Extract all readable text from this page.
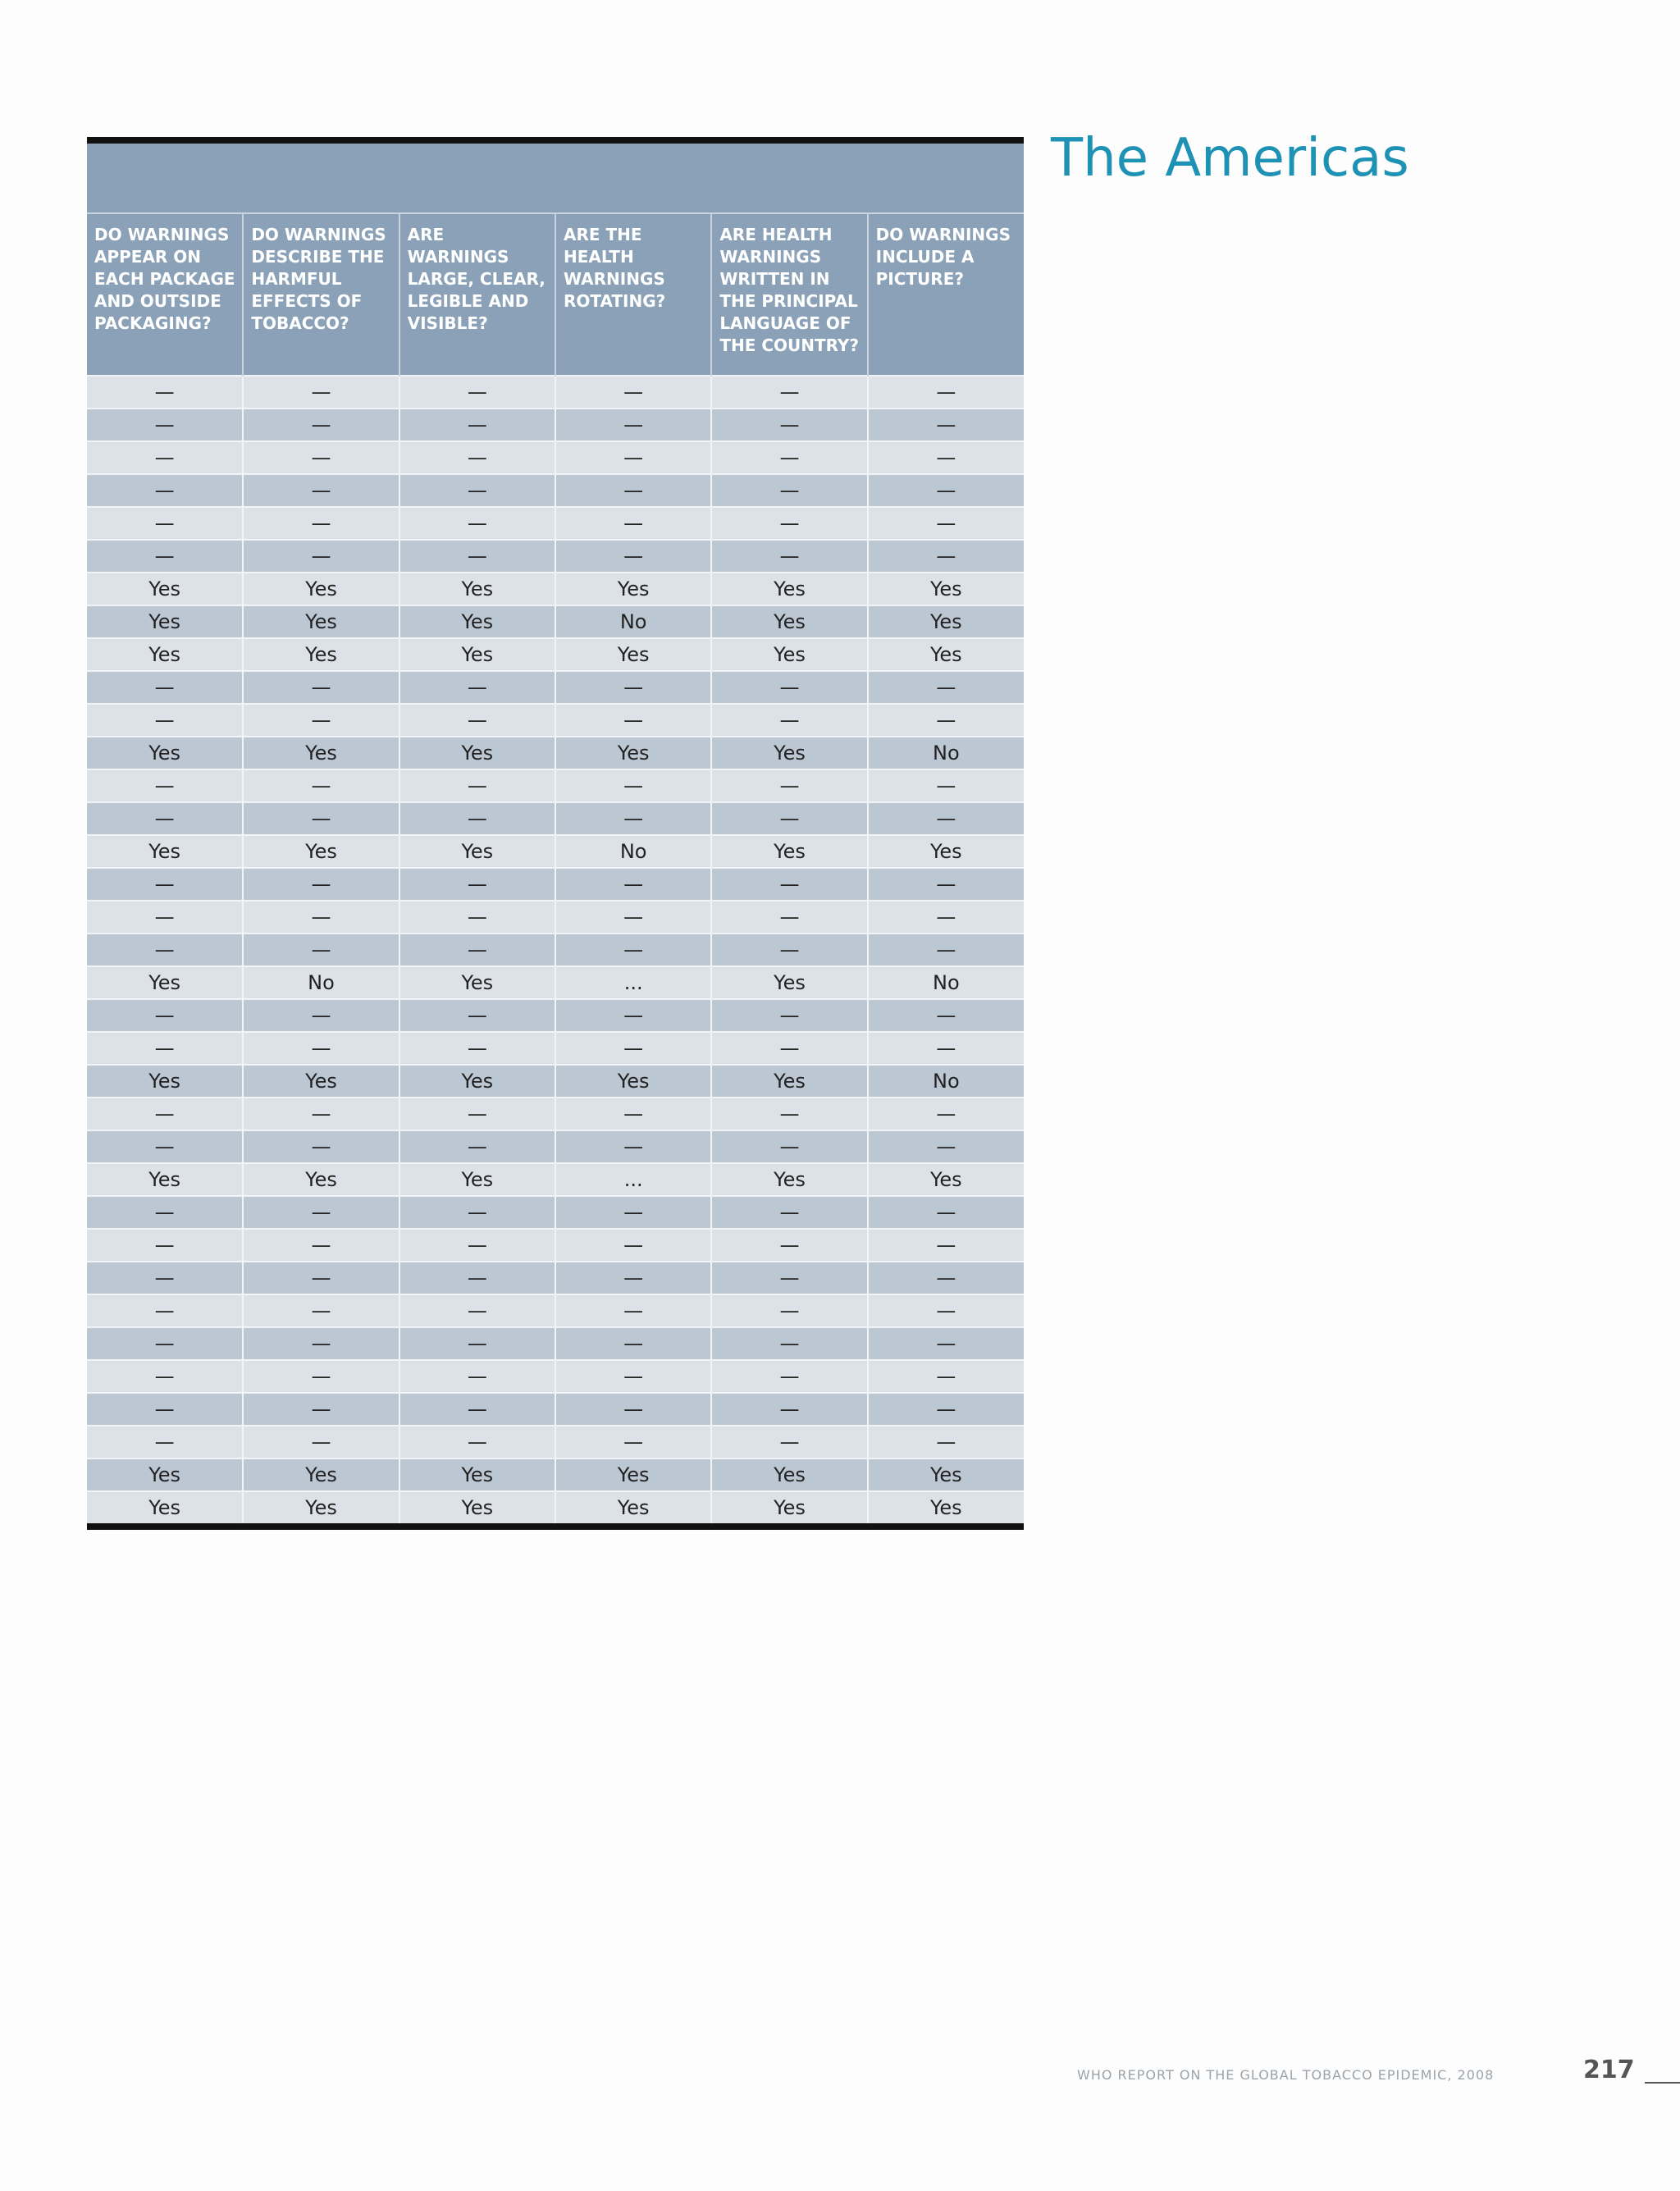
The Americas
DO WARNINGS APPEAR ON EACH PACKAGE AND OUTSIDE PACKAGING?	DO WARNINGS DESCRIBE THE HARMFUL EFFECTS OF TOBACCO?	ARE WARNINGS LARGE, CLEAR, LEGIBLE AND VISIBLE?	ARE THE HEALTH WARNINGS ROTATING?	ARE HEALTH WARNINGS WRITTEN IN THE PRINCIPAL LANGUAGE OF THE COUNTRY?	DO WARNINGS INCLUDE A PICTURE?
—	—	—	—	—	—
—	—	—	—	—	—
—	—	—	—	—	—
—	—	—	—	—	—
—	—	—	—	—	—
—	—	—	—	—	—
Yes	Yes	Yes	Yes	Yes	Yes
Yes	Yes	Yes	No	Yes	Yes
Yes	Yes	Yes	Yes	Yes	Yes
—	—	—	—	—	—
—	—	—	—	—	—
Yes	Yes	Yes	Yes	Yes	No
—	—	—	—	—	—
—	—	—	—	—	—
Yes	Yes	Yes	No	Yes	Yes
—	—	—	—	—	—
—	—	—	—	—	—
—	—	—	—	—	—
Yes	No	Yes	...	Yes	No
—	—	—	—	—	—
—	—	—	—	—	—
Yes	Yes	Yes	Yes	Yes	No
—	—	—	—	—	—
—	—	—	—	—	—
Yes	Yes	Yes	...	Yes	Yes
—	—	—	—	—	—
—	—	—	—	—	—
—	—	—	—	—	—
—	—	—	—	—	—
—	—	—	—	—	—
—	—	—	—	—	—
—	—	—	—	—	—
—	—	—	—	—	—
Yes	Yes	Yes	Yes	Yes	Yes
Yes	Yes	Yes	Yes	Yes	Yes
WHO REPORT ON THE GLOBAL TOBACCO EPIDEMIC, 2008	217
